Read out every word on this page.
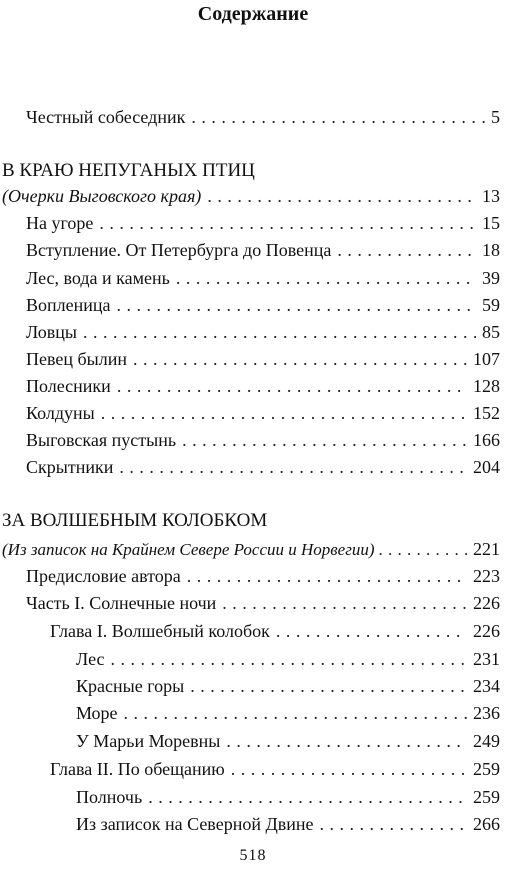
Содержание
Честный собеседник . . .	5
В КРАЮ НЕПУГАНЫХ ПТИЦ
(Очерки Выговского края) . . .	13
На угоре . . .	15
Вступление. От Петербурга до Повенца . . .	18
Лес, вода и камень . . .	39
Вопленица . . .	59
Ловцы . . .	85
Певец былин . . .	107
Полесники . . .	128
Колдуны . . .	152
Выговская пустынь . . .	166
Скрытники . . .	204
ЗА ВОЛШЕБНЫМ КОЛОБКОМ
(Из записок на Крайнем Севере России и Норвегии) . . .	221
Предисловие автора . . .	223
Часть I. Солнечные ночи . . .	226
Глава I. Волшебный колобок . . .	226
Лес . . .	231
Красные горы . . .	234
Море . . .	236
У Марьи Моревны . . .	249
Глава II. По обещанию . . .	259
Полночь . . .	259
Из записок на Северной Двине . . .	266
518
